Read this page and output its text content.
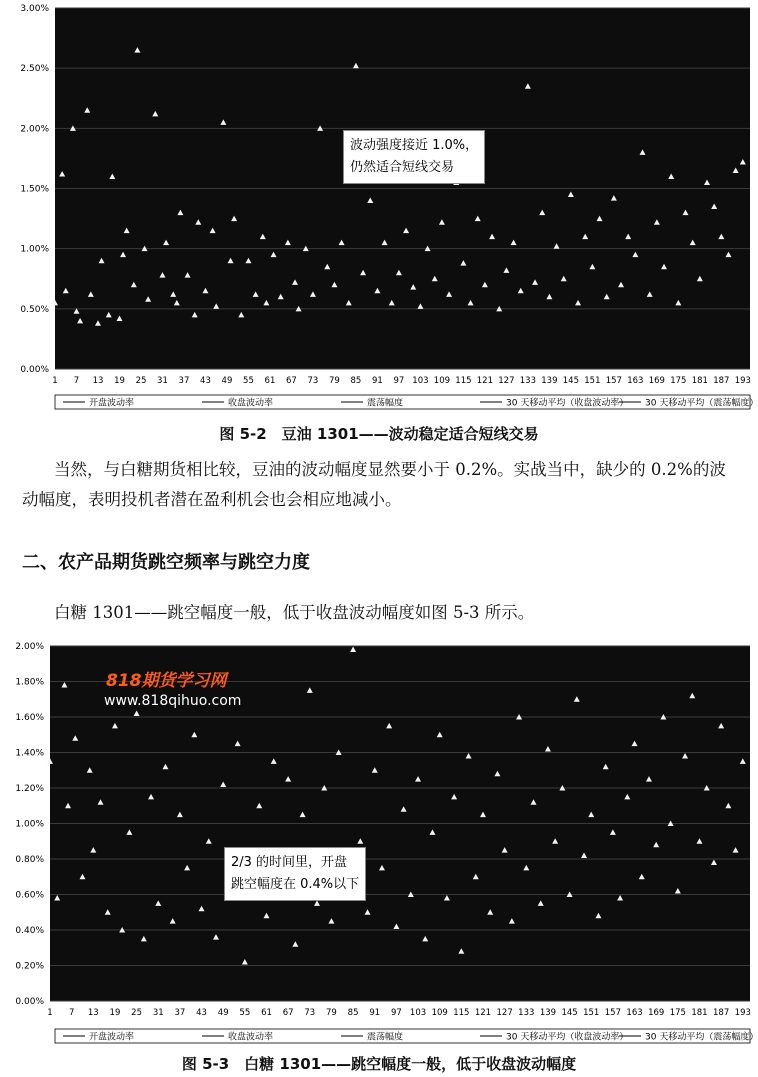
0.00%
0.50%
1.00%
1.50%
2.00%
2.50%
3.00%
1 7 13 19 25 31 37 43 49 55 61 67 73 79 85 91 97 103 109 115 121 127 133 139 145 151 157 163 169 175 181 187 193
开盘波动率	收盘波动率	震荡幅度	30 天移动平均（收盘波动率） 30 天移动平均（震荡幅度）
波动强度接近 1.0%，
仍然适合短线交易
图 5-2　豆油 1301——波动稳定适合短线交易
当然，与白糖期货相比较，豆油的波动幅度显然要小于 0.2%。实战当中，缺少的 0.2%的波动幅度，表明投机者潜在盈利机会也会相应地减小。
二、农产品期货跳空频率与跳空力度
白糖 1301——跳空幅度一般，低于收盘波动幅度如图 5-3 所示。
0.00%
0.20%
0.40%
0.60%
0.80%
1.00%
1.20%
1.40%
1.60%
1.80%
2.00%
1 7 13 19 25 31 37 43 49 55 61 67 73 79 85 91 97 103 109 115 121 127 133 139 145 151 157 163 169 175 181 187 193
开盘波动率	收盘波动率	震荡幅度	30 天移动平均（收盘波动率） 30 天移动平均（震荡幅度）
2/3 的时间里，开盘
跳空幅度在 0.4%以下
818期货学习网
www.818qihuo.com
图 5-3　白糖 1301——跳空幅度一般，低于收盘波动幅度
